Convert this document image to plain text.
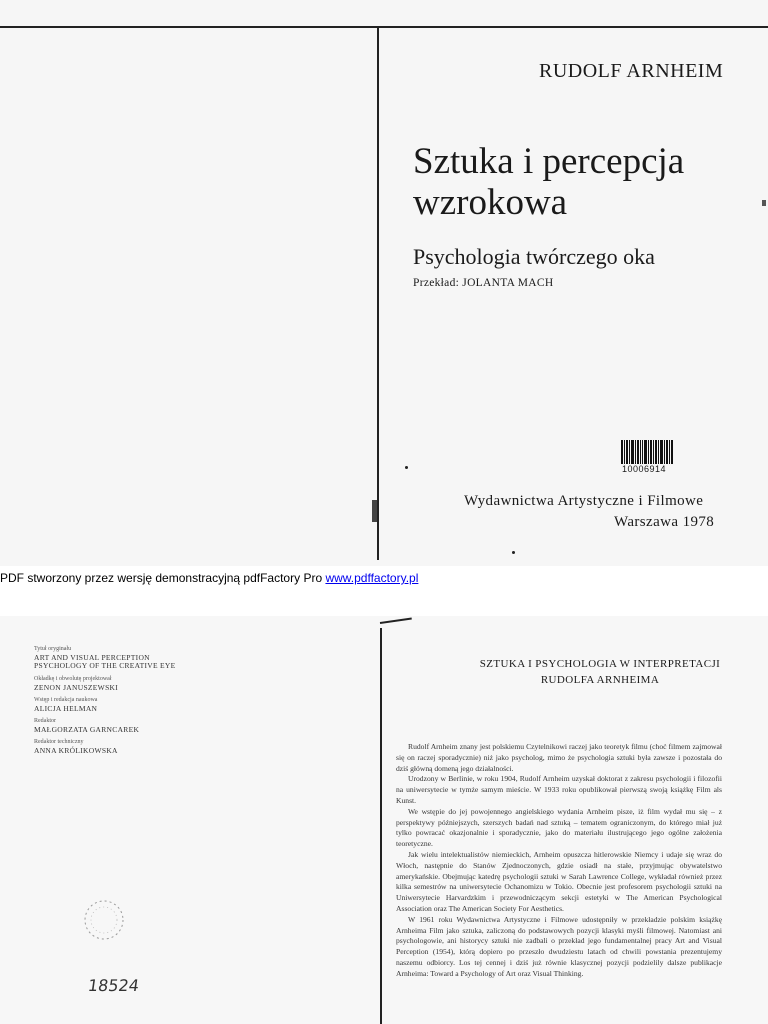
RUDOLF ARNHEIM
Sztuka i percepcja
wzrokowa
Psychologia twórczego oka
Przekład: JOLANTA MACH
10006914
Wydawnictwa Artystyczne i Filmowe
Warszawa 1978
PDF stworzony przez wersję demonstracyjną pdfFactory Pro www.pdffactory.pl
Tytuł oryginału
ART AND VISUAL PERCEPTION
PSYCHOLOGY OF THE CREATIVE EYE
Okładkę i obwolutę projektował
ZENON JANUSZEWSKI
Wstęp i redakcja naukowa
ALICJA HELMAN
Redaktor
MAŁGORZATA GARNCAREK
Redaktor techniczny
ANNA KRÓLIKOWSKA
18524
SZTUKA I PSYCHOLOGIA W INTERPRETACJI
RUDOLFA ARNHEIMA

Rudolf Arnheim znany jest polskiemu Czytelnikowi raczej jako teoretyk filmu (choć filmem zajmował się on raczej sporadycznie) niż jako psycholog, mimo że psychologia sztuki była zawsze i pozostała do dziś główną domeną jego działalności.

Urodzony w Berlinie, w roku 1904, Rudolf Arnheim uzyskał doktorat z zakresu psychologii i filozofii na uniwersytecie w tymże samym mieście. W 1933 roku opublikował pierwszą swoją książkę Film als Kunst.

We wstępie do jej powojennego angielskiego wydania Arnheim pisze, iż film wydał mu się – z perspektywy późniejszych, szerszych badań nad sztuką – tematem ograniczonym, do którego miał już tylko powracać okazjonalnie i sporadycznie, jako do materiału ilustrującego jego ogólne założenia teoretyczne.

Jak wielu intelektualistów niemieckich, Arnheim opuszcza hitlerowskie Niemcy i udaje się wraz do Włoch, następnie do Stanów Zjednoczonych, gdzie osiadł na stałe, przyjmując obywatelstwo amerykańskie. Obejmując katedrę psychologii sztuki w Sarah Lawrence College, wykładał również przez kilka semestrów na uniwersytecie Ochanomizu w Tokio. Obecnie jest profesorem psychologii sztuki na Uniwersytecie Harvardzkim i przewodniczącym sekcji estetyki w The American Psychological Association oraz The American Society For Aesthetics.

W 1961 roku Wydawnictwa Artystyczne i Filmowe udostępniły w przekładzie polskim książkę Arnheima Film jako sztuka, zaliczoną do podstawowych pozycji klasyki myśli filmowej. Natomiast ani psychologowie, ani historycy sztuki nie zadbali o przekład jego fundamentalnej pracy Art and Visual Perception (1954), którą dopiero po przeszło dwudziestu latach od chwili powstania prezentujemy naszemu odbiorcy. Los tej cennej i dziś już równie klasycznej pozycji podzielily dalsze publikacje Arnheima: Toward a Psychology of Art oraz Visual Thinking.
